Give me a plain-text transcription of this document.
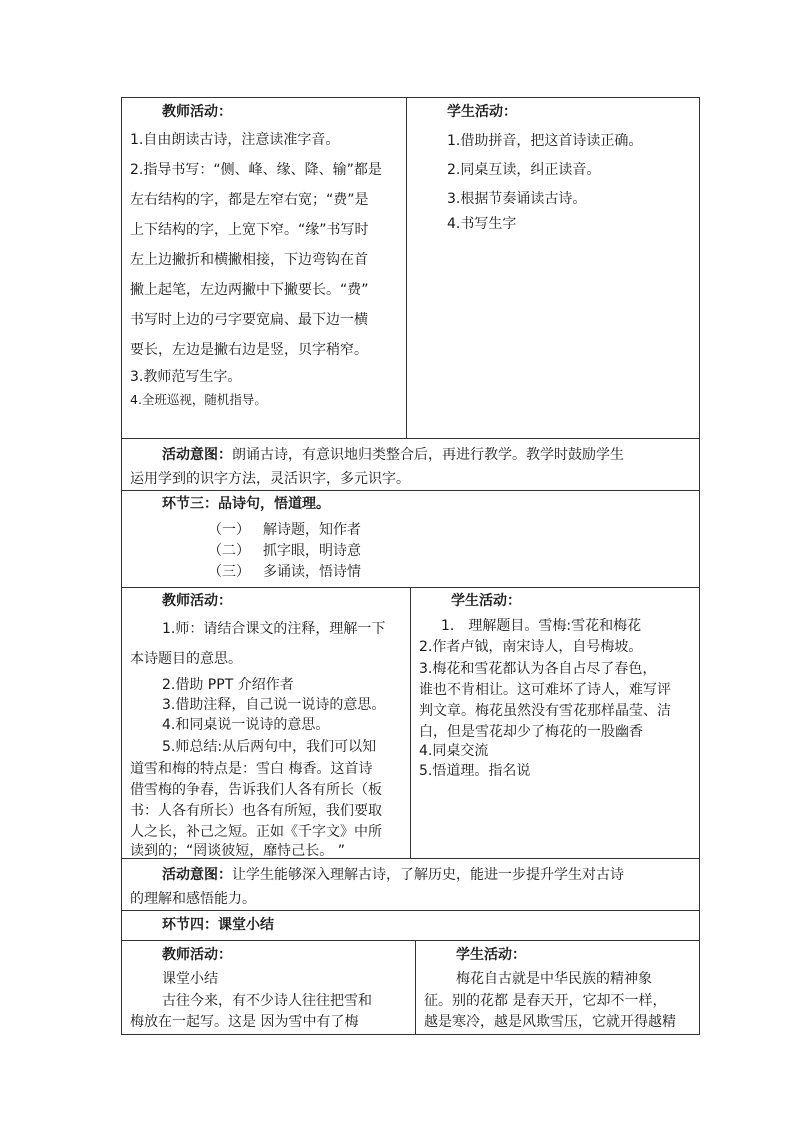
教师活动：
1.自由朗读古诗，注意读准字音。
2.指导书写：“侧、峰、缘、降、输”都是
左右结构的字，都是左窄右宽；“费”是
上下结构的字，上宽下窄。“缘”书写时
左上边撇折和横撇相接，下边弯钩在首
撇上起笔，左边两撇中下撇要长。“费”
书写时上边的弓字要宽扁、最下边一横
要长，左边是撇右边是竖，贝字稍窄。
3.教师范写生字。
4.全班巡视，随机指导。
学生活动：
1.借助拼音，把这首诗读正确。
2.同桌互读，纠正读音。
3.根据节奏诵读古诗。
4.书写生字
活动意图：朗诵古诗，有意识地归类整合后，再进行教学。教学时鼓励学生
运用学到的识字方法，灵活识字，多元识字。
环节三：品诗句，悟道理。
（一） 解诗题，知作者
（二） 抓字眼，明诗意
（三） 多诵读，悟诗情
教师活动：
1.师：请结合课文的注释，理解一下
本诗题目的意思。
2.借助 PPT 介绍作者
3.借助注释，自己说一说诗的意思。
4.和同桌说一说诗的意思。
5.师总结:从后两句中，我们可以知
道雪和梅的特点是：雪白 梅香。这首诗
借雪梅的争春，告诉我们人各有所长（板
书：人各有所长）也各有所短，我们要取
人之长，补己之短。正如《千字文》中所
读到的；“罔谈彼短，靡恃己长。 ”
学生活动：
1． 理解题目。雪梅:雪花和梅花
2.作者卢钺，南宋诗人，自号梅坡。
3.梅花和雪花都认为各自占尽了春色，
谁也不肯相让。这可难坏了诗人，难写评
判文章。梅花虽然没有雪花那样晶莹、洁
白，但是雪花却少了梅花的一股幽香
4.同桌交流
5.悟道理。指名说
活动意图：让学生能够深入理解古诗，了解历史，能进一步提升学生对古诗
的理解和感悟能力。
环节四：课堂小结
教师活动：
课堂小结
古往今来，有不少诗人往往把雪和
梅放在一起写。这是 因为雪中有了梅
学生活动：
梅花自古就是中华民族的精神象
征。别的花都 是春天开，它却不一样，
越是寒冷，越是风欺雪压，它就开得越精
